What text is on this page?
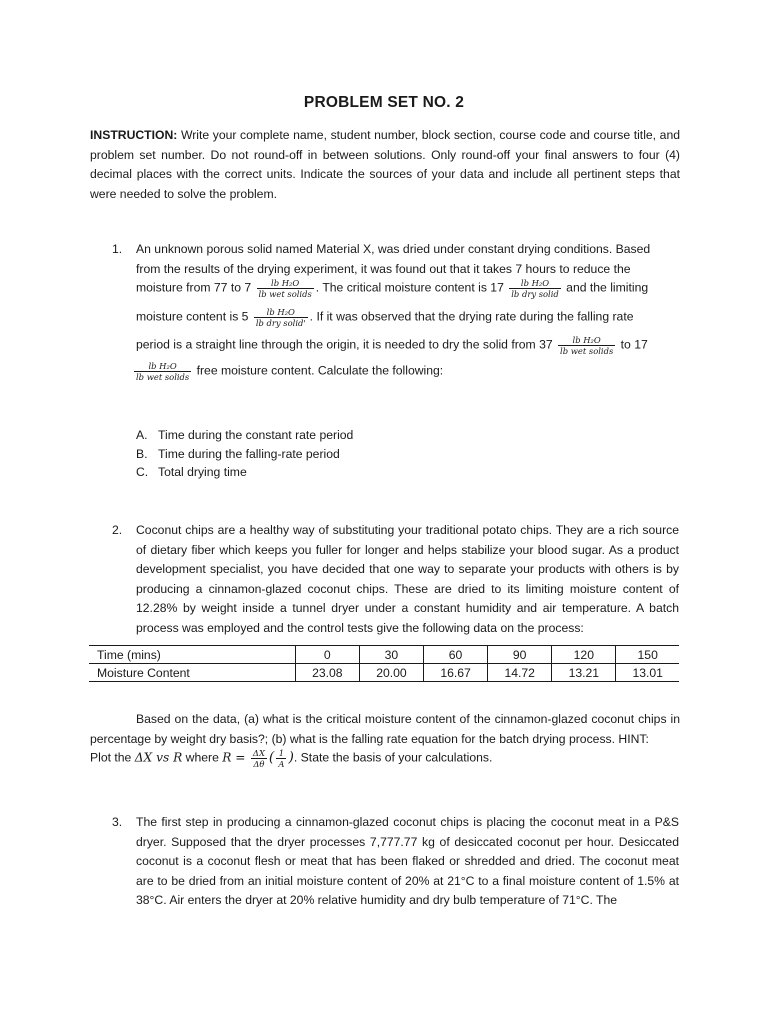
PROBLEM SET NO. 2
INSTRUCTION: Write your complete name, student number, block section, course code and course title, and problem set number. Do not round-off in between solutions. Only round-off your final answers to four (4) decimal places with the correct units. Indicate the sources of your data and include all pertinent steps that were needed to solve the problem.
1. An unknown porous solid named Material X, was dried under constant drying conditions. Based
from the results of the drying experiment, it was found out that it takes 7 hours to reduce the
moisture from 77 to $7 \frac{\text{lb H₂O}}{\text{lb wet solids}}$ . The critical moisture content is $17 \frac{\text{lb H₂O}}{\text{lb dry solid}}$ and the limiting
moisture content is $5 \frac{\text{lb H₂O}}{\text{lb dry solid'}}$ . If it was observed that the drying rate during the falling rate
period is a straight line through the origin, it is needed to dry the solid from $37 \frac{\text{lb H₂O}}{\text{lb wet solids}}$ to 17
$\frac{\text{lb H₂O}}{\text{lb wet solids}}$ free moisture content. Calculate the following:
A. Time during the constant rate period
B. Time during the falling-rate period
C. Total drying time
2. Coconut chips are a healthy way of substituting your traditional potato chips. They are a rich source of dietary fiber which keeps you fuller for longer and helps stabilize your blood sugar. As a product development specialist, you have decided that one way to separate your products with others is by producing a cinnamon-glazed coconut chips. These are dried to its limiting moisture content of 12.28% by weight inside a tunnel dryer under a constant humidity and air temperature. A batch process was employed and the control tests give the following data on the process:
Time (mins)	0	30	60	90	120	150
Moisture Content	23.08	20.00	16.67	14.72	13.21	13.01
Based on the data, (a) what is the critical moisture content of the cinnamon-glazed coconut chips in percentage by weight dry basis?; (b) what is the falling rate equation for the batch drying process. HINT:
Plot the ΔX vs R where $R = \frac{\Delta X}{\Delta\theta}$ ( $\frac{1}{A}$ ). State the basis of your calculations.
3. The first step in producing a cinnamon-glazed coconut chips is placing the coconut meat in a P&S dryer. Supposed that the dryer processes 7,777.77 kg of desiccated coconut per hour. Desiccated coconut is a coconut flesh or meat that has been flaked or shredded and dried. The coconut meat are to be dried from an initial moisture content of 20% at 21°C to a final moisture content of 1.5% at 38°C. Air enters the dryer at 20% relative humidity and dry bulb temperature of 71°C. The
